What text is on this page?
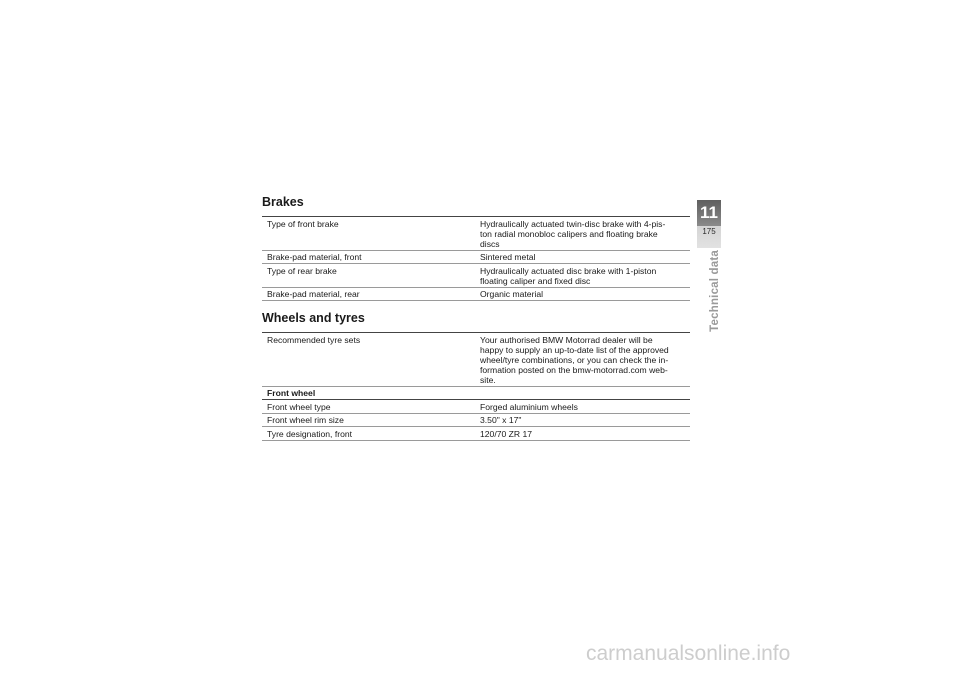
Brakes
Type of front brake	Hydraulically actuated twin-disc brake with 4-pis-
ton radial monobloc calipers and floating brake
discs
Brake-pad material, front	Sintered metal
Type of rear brake	Hydraulically actuated disc brake with 1-piston
floating caliper and fixed disc
Brake-pad material, rear	Organic material
Wheels and tyres
Recommended tyre sets	Your authorised BMW Motorrad dealer will be
happy to supply an up-to-date list of the approved
wheel/tyre combinations, or you can check the in-
formation posted on the bmw-motorrad.com web-
site.
Front wheel	
Front wheel type	Forged aluminium wheels
Front wheel rim size	3.50" x 17"
Tyre designation, front	120/70 ZR 17
11
175
Technical data
carmanualsonline.info
